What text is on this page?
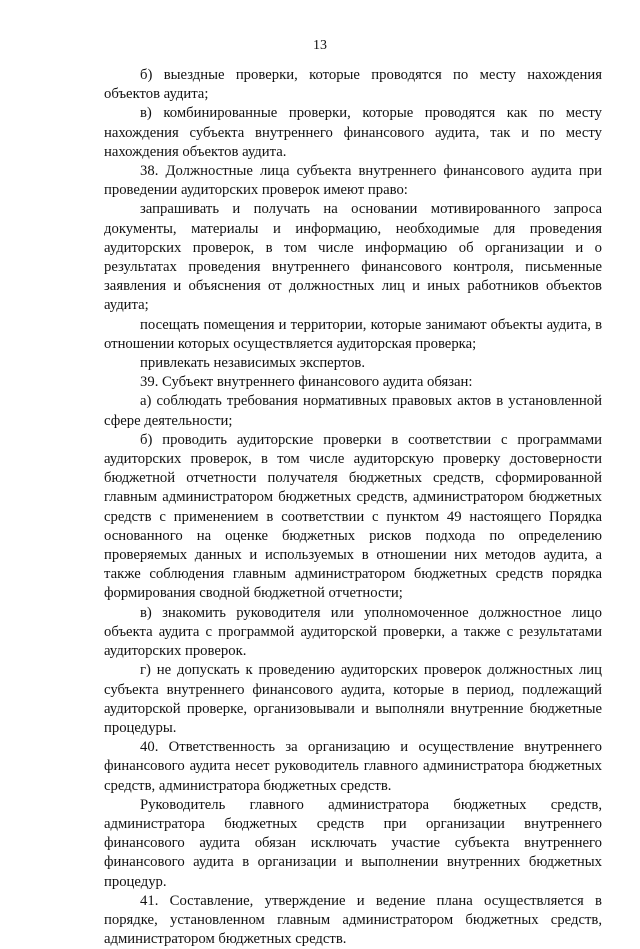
13

б) выездные проверки, которые проводятся по месту нахождения объектов аудита;

в) комбинированные проверки, которые проводятся как по месту нахождения субъекта внутреннего финансового аудита, так и по месту нахождения объектов аудита.

38. Должностные лица субъекта внутреннего финансового аудита при проведении аудиторских проверок имеют право:

запрашивать и получать на основании мотивированного запроса документы, материалы и информацию, необходимые для проведения аудиторских проверок, в том числе информацию об организации и о результатах проведения внутреннего финансового контроля, письменные заявления и объяснения от должностных лиц и иных работников объектов аудита;

посещать помещения и территории, которые занимают объекты аудита, в отношении которых осуществляется аудиторская проверка;

привлекать независимых экспертов.

39. Субъект внутреннего финансового аудита обязан:

а) соблюдать требования нормативных правовых актов в установленной сфере деятельности;

б) проводить аудиторские проверки в соответствии с программами аудиторских проверок, в том числе аудиторскую проверку достоверности бюджетной отчетности получателя бюджетных средств, сформированной главным администратором бюджетных средств, администратором бюджетных средств с применением в соответствии с пунктом 49 настоящего Порядка основанного на оценке бюджетных рисков подхода по определению проверяемых данных и используемых в отношении них методов аудита, а также соблюдения главным администратором бюджетных средств порядка формирования сводной бюджетной отчетности;

в) знакомить руководителя или уполномоченное должностное лицо объекта аудита с программой аудиторской проверки, а также с результатами аудиторских проверок.

г) не допускать к проведению аудиторских проверок должностных лиц субъекта внутреннего финансового аудита, которые в период, подлежащий аудиторской проверке, организовывали и выполняли внутренние бюджетные процедуры.

40. Ответственность за организацию и осуществление внутреннего финансового аудита несет руководитель главного администратора бюджетных средств, администратора бюджетных средств.

Руководитель главного администратора бюджетных средств, администратора бюджетных средств при организации внутреннего финансового аудита обязан исключать участие субъекта внутреннего финансового аудита в организации и выполнении внутренних бюджетных процедур.

41. Составление, утверждение и ведение плана осуществляется в порядке, установленном главным администратором бюджетных средств, администратором бюджетных средств.
